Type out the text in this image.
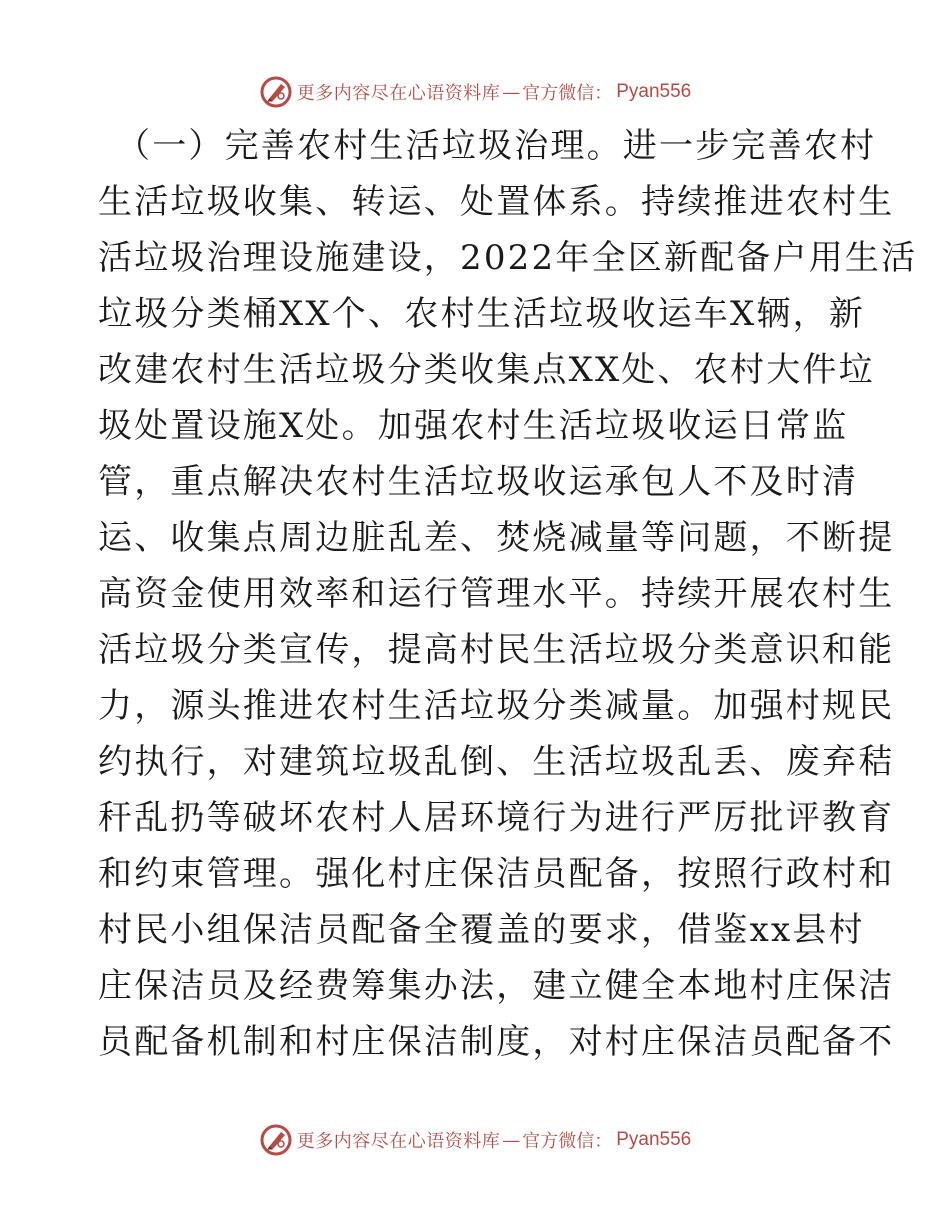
更多内容尽在心语资料库 — 官方微信： Pyan556
（一）完善农村生活垃圾治理。进一步完善农村
生活垃圾收集、转运、处置体系。持续推进农村生
活垃圾治理设施建设，2022年全区新配备户用生活
垃圾分类桶XX个、农村生活垃圾收运车X辆，新
改建农村生活垃圾分类收集点XX处、农村大件垃
圾处置设施X处。加强农村生活垃圾收运日常监
管，重点解决农村生活垃圾收运承包人不及时清
运、收集点周边脏乱差、焚烧减量等问题，不断提
高资金使用效率和运行管理水平。持续开展农村生
活垃圾分类宣传，提高村民生活垃圾分类意识和能
力，源头推进农村生活垃圾分类减量。加强村规民
约执行，对建筑垃圾乱倒、生活垃圾乱丢、废弃秸
秆乱扔等破坏农村人居环境行为进行严厉批评教育
和约束管理。强化村庄保洁员配备，按照行政村和
村民小组保洁员配备全覆盖的要求，借鉴xx县村
庄保洁员及经费筹集办法，建立健全本地村庄保洁
员配备机制和村庄保洁制度，对村庄保洁员配备不
更多内容尽在心语资料库 — 官方微信： Pyan556
